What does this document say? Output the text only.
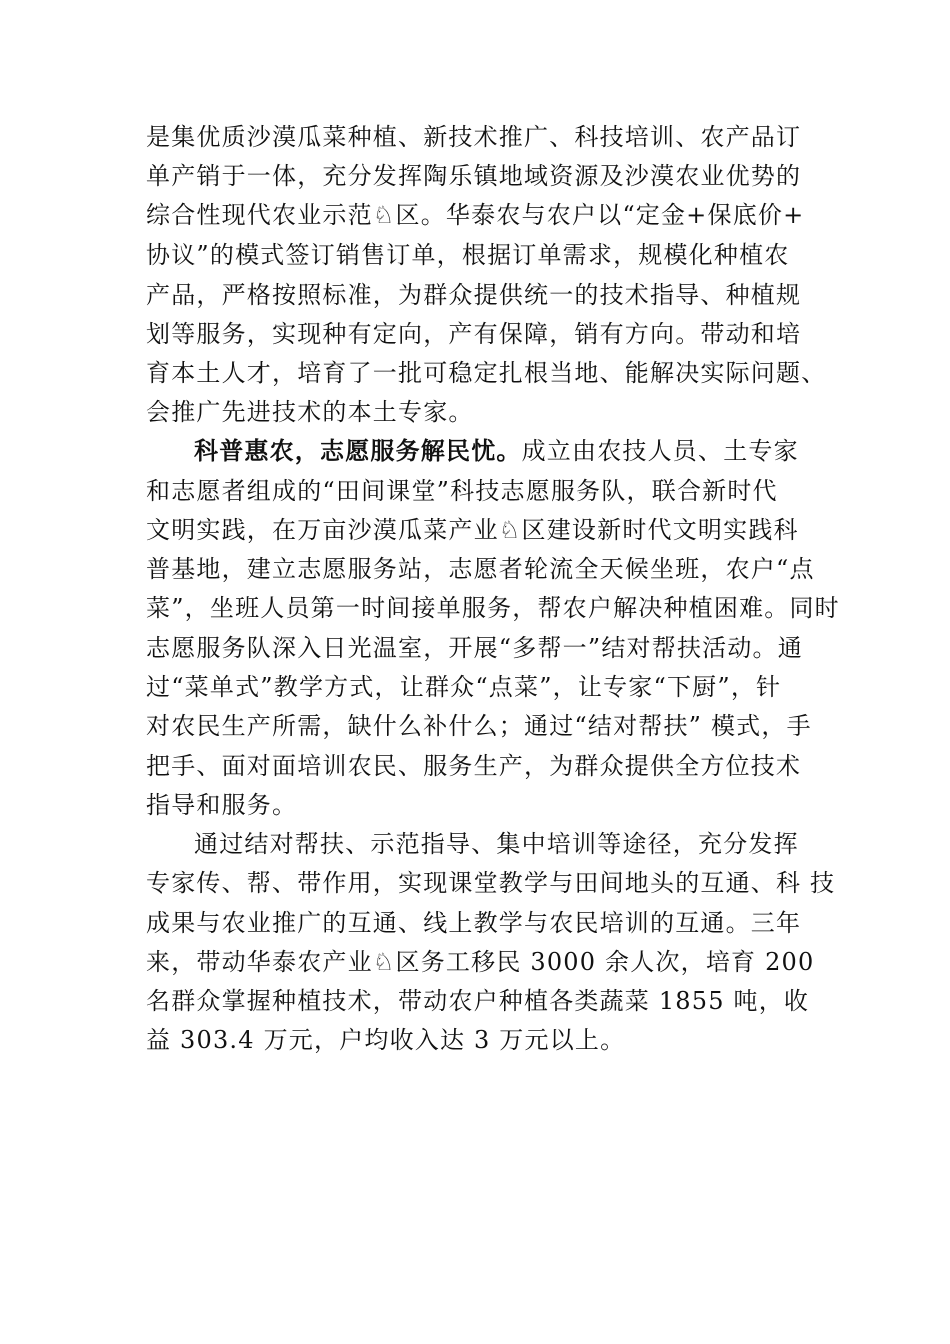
是集优质沙漠瓜菜种植、新技术推广、科技培训、农产品订
单产销于一体，充分发挥陶乐镇地域资源及沙漠农业优势的
综合性现代农业示范♘区。华泰农与农户以“定金+保底价+
协议”的模式签订销售订单，根据订单需求，规模化种植农
产品，严格按照标准，为群众提供统一的技术指导、种植规
划等服务，实现种有定向，产有保障，销有方向。带动和培
育本土人才，培育了一批可稳定扎根当地、能解决实际问题、
会推广先进技术的本土专家。
科普惠农，志愿服务解民忧。成立由农技人员、土专家
和志愿者组成的“田间课堂”科技志愿服务队，联合新时代
文明实践，在万亩沙漠瓜菜产业♘区建设新时代文明实践科
普基地，建立志愿服务站，志愿者轮流全天候坐班，农户“点
菜”，坐班人员第一时间接单服务，帮农户解决种植困难。同时
志愿服务队深入日光温室，开展“多帮一”结对帮扶活动。通
过“菜单式”教学方式，让群众“点菜”，让专家“下厨”，针
对农民生产所需，缺什么补什么；通过“结对帮扶” 模式，手
把手、面对面培训农民、服务生产，为群众提供全方位技术
指导和服务。
通过结对帮扶、示范指导、集中培训等途径，充分发挥
专家传、帮、带作用，实现课堂教学与田间地头的互通、科 技
成果与农业推广的互通、线上教学与农民培训的互通。三年
来，带动华泰农产业♘区务工移民 3000 余人次，培育 200
名群众掌握种植技术，带动农户种植各类蔬菜 1855 吨，收
益 303.4 万元，户均收入达 3 万元以上。
